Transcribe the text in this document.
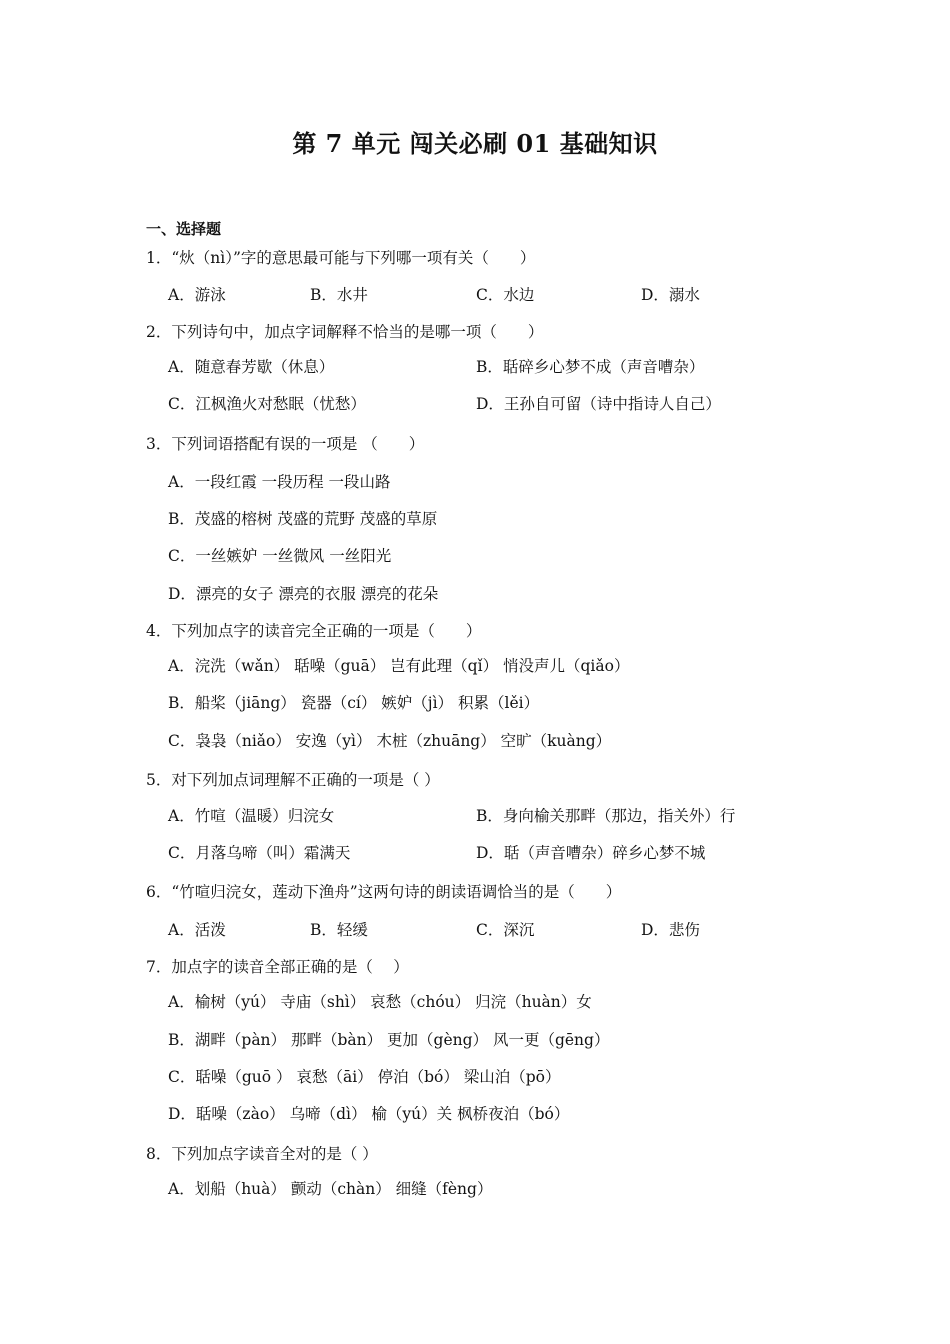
第 7 单元 闯关必刷 01 基础知识
一、选择题
1．“炏（nì）”字的意思最可能与下列哪一项有关（　　）
A．游泳	B．水井	C．水边	D．溺水
2．下列诗句中，加点字词解释不恰当的是哪一项（　　）
A．随意春芳歇（休息）	B．聒碎乡心梦不成（声音嘈杂）
C．江枫渔火对愁眠（忧愁）	D．王孙自可留（诗中指诗人自己）
3．下列词语搭配有误的一项是 （　　）
A．一段红霞 一段历程 一段山路
B．茂盛的榕树 茂盛的荒野 茂盛的草原
C．一丝嫉妒 一丝微风 一丝阳光
D．漂亮的女子 漂亮的衣服 漂亮的花朵
4．下列加点字的读音完全正确的一项是（　　）
A．浣洗（wǎn） 聒噪（guā） 岂有此理（qǐ） 悄没声儿（qiǎo）
B．船桨（jiāng） 瓷器（cí） 嫉妒（jì） 积累（lěi）
C．袅袅（niǎo） 安逸（yì） 木桩（zhuāng） 空旷（kuàng）
5．对下列加点词理解不正确的一项是（ ）
A．竹喧（温暖）归浣女	B．身向榆关那畔（那边，指关外）行
C．月落乌啼（叫）霜满天	D．聒（声音嘈杂）碎乡心梦不城
6．“竹喧归浣女，莲动下渔舟”这两句诗的朗读语调恰当的是（　　）
A．活泼	B．轻缓	C．深沉	D．悲伤
7．加点字的读音全部正确的是（　 ）
A．榆树（yú） 寺庙（shì） 哀愁（chóu） 归浣（huàn）女
B．湖畔（pàn） 那畔（bàn） 更加（gèng） 风一更（gēng）
C．聒噪（guō ） 哀愁（āi） 停泊（bó） 梁山泊（pō）
D．聒噪（zào） 乌啼（dì） 榆（yú）关 枫桥夜泊（bó）
8．下列加点字读音全对的是（ ）
A．划船（huà） 颤动（chàn） 细缝（fèng）
